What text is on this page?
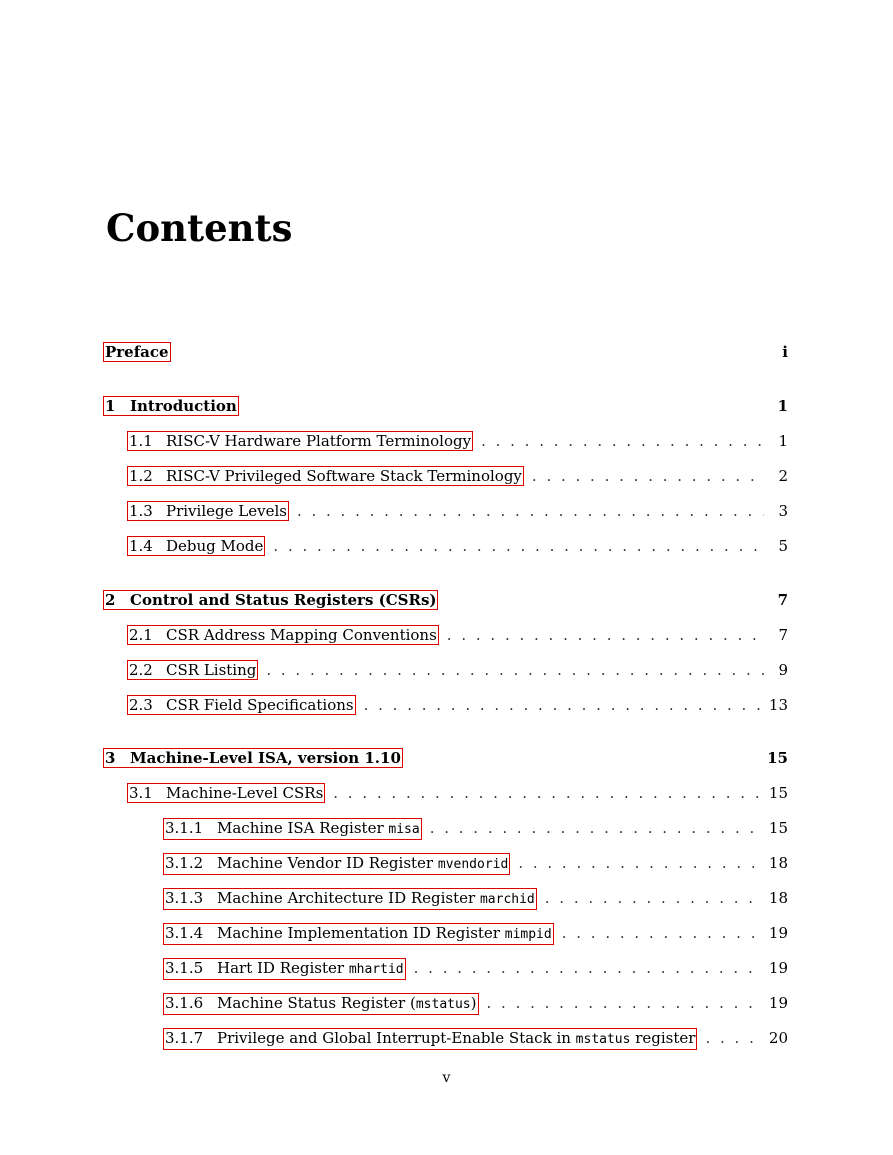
Contents
Preface	i
1 Introduction	1
1.1 RISC-V Hardware Platform Terminology . . .	1
1.2 RISC-V Privileged Software Stack Terminology . . .	2
1.3 Privilege Levels . . .	3
1.4 Debug Mode . . .	5
2 Control and Status Registers (CSRs)	7
2.1 CSR Address Mapping Conventions . . .	7
2.2 CSR Listing . . .	9
2.3 CSR Field Specifications . . .	13
3 Machine-Level ISA, version 1.10	15
3.1 Machine-Level CSRs . . .	15
3.1.1 Machine ISA Register misa . . .	15
3.1.2 Machine Vendor ID Register mvendorid . . .	18
3.1.3 Machine Architecture ID Register marchid . . .	18
3.1.4 Machine Implementation ID Register mimpid . . .	19
3.1.5 Hart ID Register mhartid . . .	19
3.1.6 Machine Status Register (mstatus) . . .	19
3.1.7 Privilege and Global Interrupt-Enable Stack in mstatus register . . .	20
v
